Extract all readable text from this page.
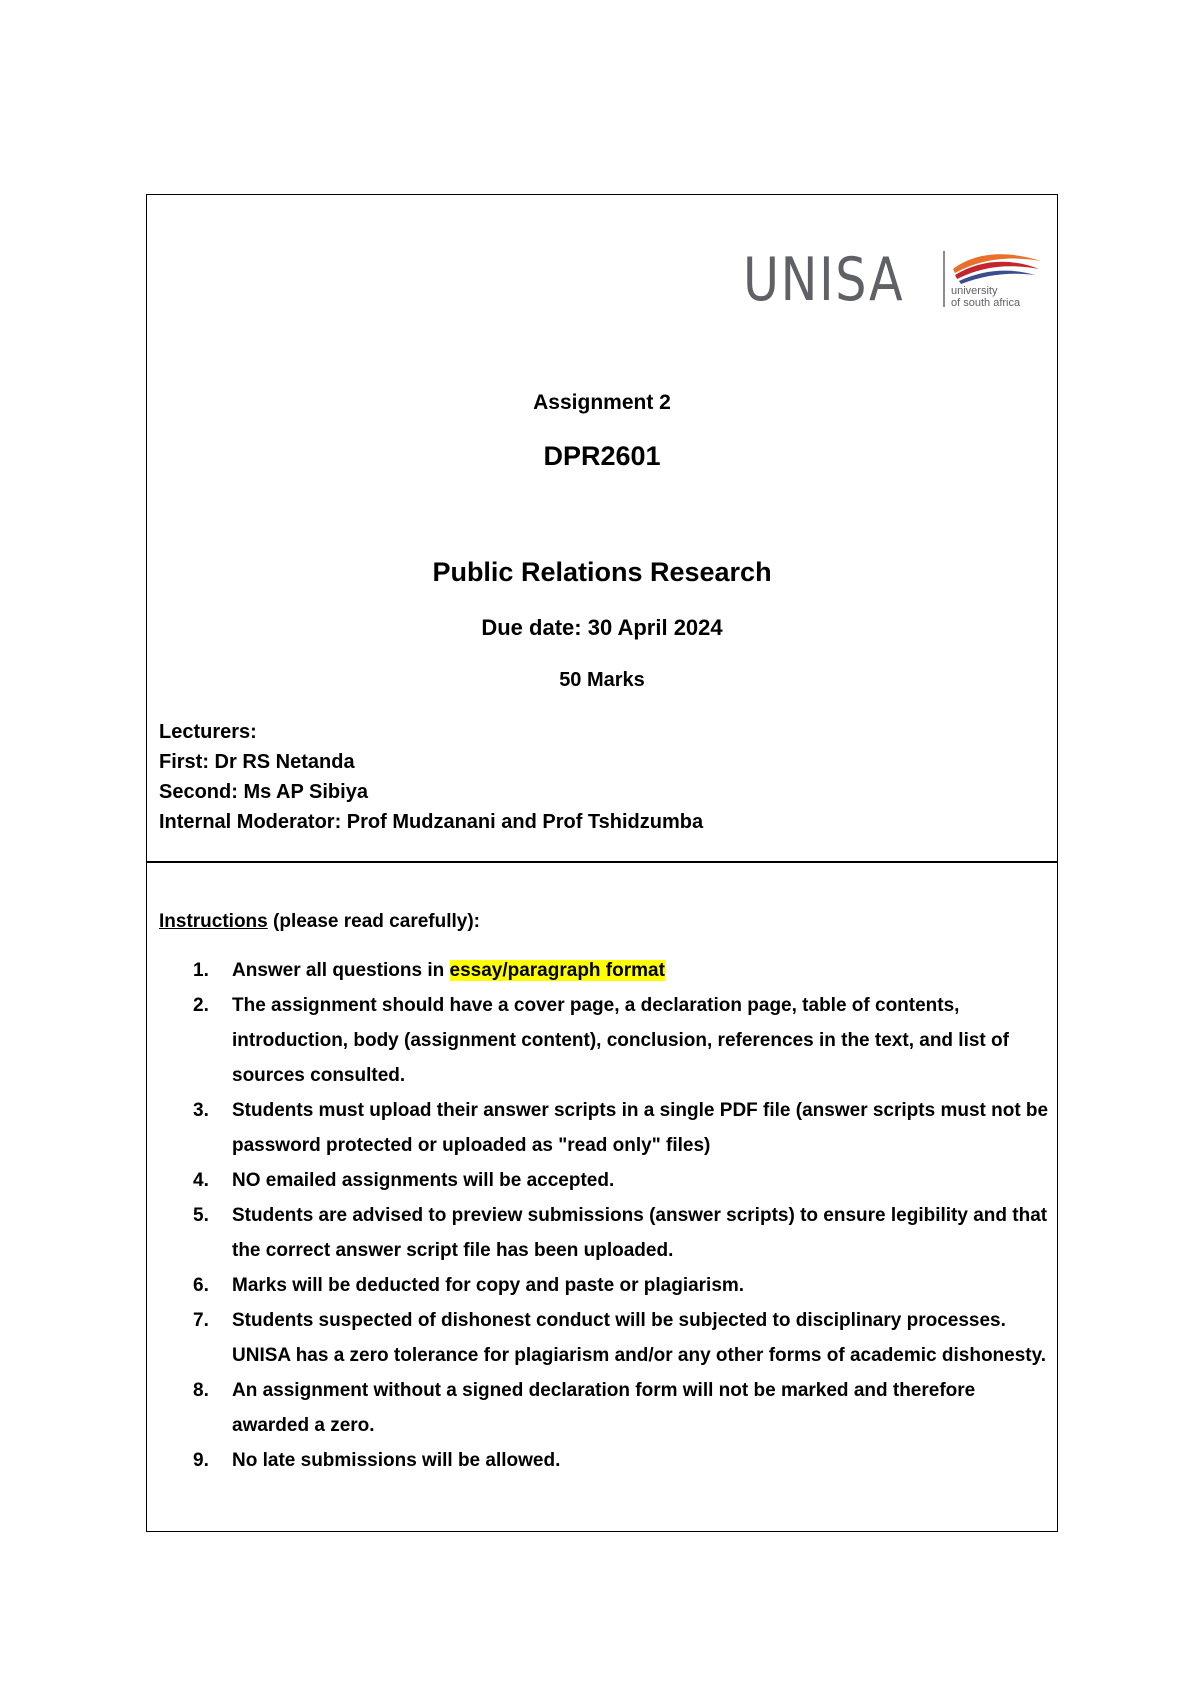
UNISA	university
of south africa
Assignment 2
DPR2601
Public Relations Research
Due date: 30 April 2024
50 Marks
Lecturers:
First: Dr RS Netanda
Second: Ms AP Sibiya
Internal Moderator: Prof Mudzanani and Prof Tshidzumba
Instructions (please read carefully):
1. Answer all questions in essay/paragraph format
2. The assignment should have a cover page, a declaration page, table of contents, introduction, body (assignment content), conclusion, references in the text, and list of sources consulted.
3. Students must upload their answer scripts in a single PDF file (answer scripts must not be password protected or uploaded as "read only" files)
4. NO emailed assignments will be accepted.
5. Students are advised to preview submissions (answer scripts) to ensure legibility and that the correct answer script file has been uploaded.
6. Marks will be deducted for copy and paste or plagiarism.
7. Students suspected of dishonest conduct will be subjected to disciplinary processes. UNISA has a zero tolerance for plagiarism and/or any other forms of academic dishonesty.
8. An assignment without a signed declaration form will not be marked and therefore awarded a zero.
9. No late submissions will be allowed.
